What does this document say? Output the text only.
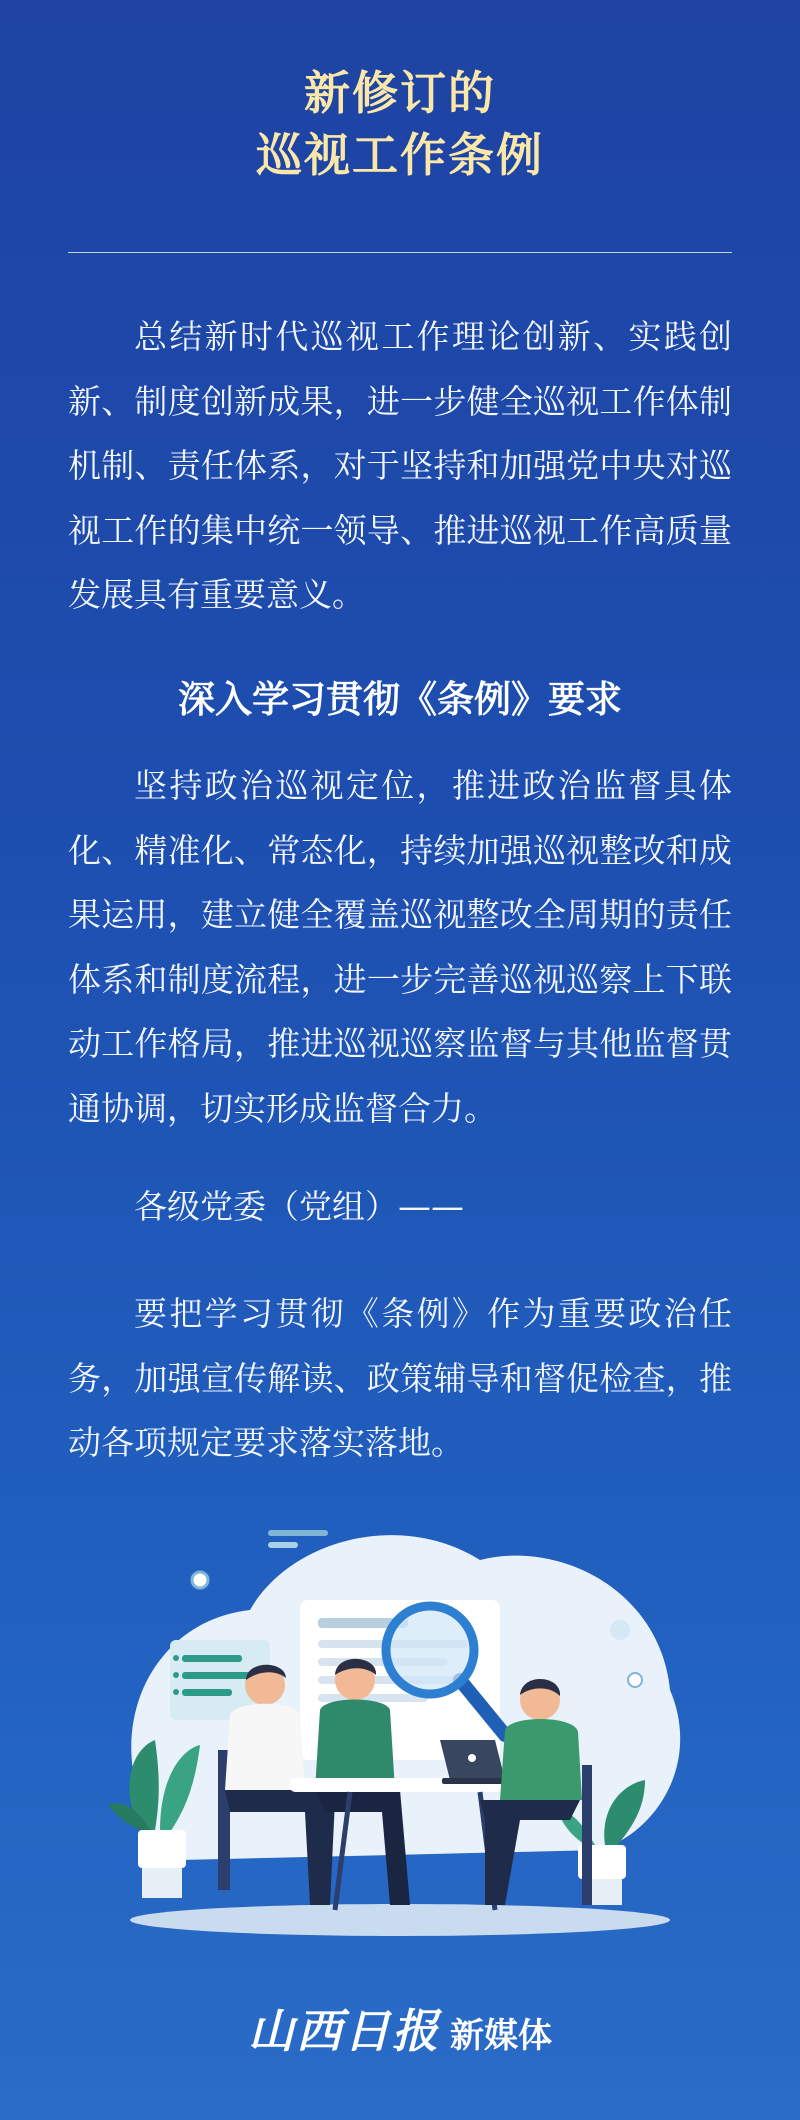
新修订的
巡视工作条例
总结新时代巡视工作理论创新、实践创新、制度创新成果，进一步健全巡视工作体制机制、责任体系，对于坚持和加强党中央对巡视工作的集中统一领导、推进巡视工作高质量发展具有重要意义。
深入学习贯彻《条例》要求
坚持政治巡视定位，推进政治监督具体化、精准化、常态化，持续加强巡视整改和成果运用，建立健全覆盖巡视整改全周期的责任体系和制度流程，进一步完善巡视巡察上下联动工作格局，推进巡视巡察监督与其他监督贯通协调，切实形成监督合力。
各级党委（党组）——
要把学习贯彻《条例》作为重要政治任务，加强宣传解读、政策辅导和督促检查，推动各项规定要求落实落地。
山西日报 新媒体
